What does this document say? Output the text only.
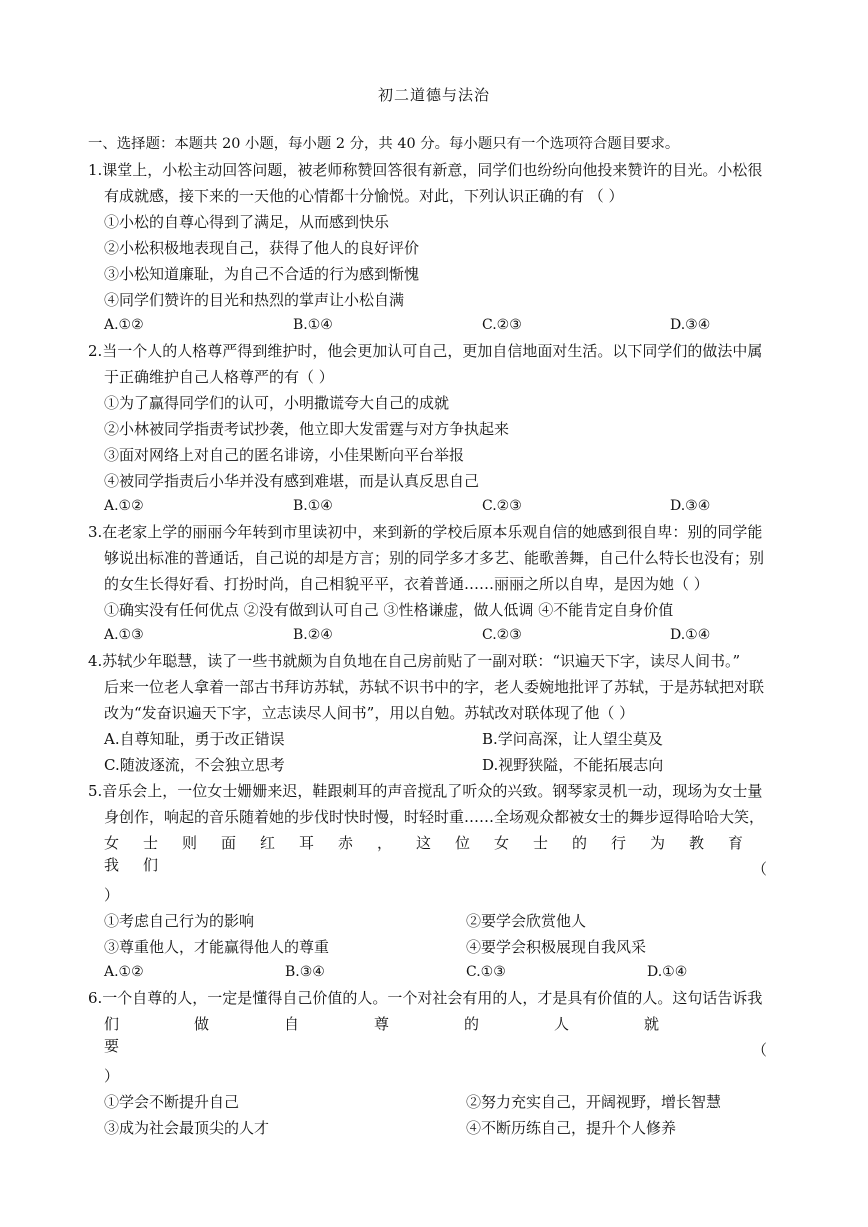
初二道德与法治
一、选择题：本题共 20 小题，每小题 2 分，共 40 分。每小题只有一个选项符合题目要求。
1.课堂上，小松主动回答问题，被老师称赞回答很有新意，同学们也纷纷向他投来赞许的目光。小松很
有成就感，接下来的一天他的心情都十分愉悦。对此，下列认识正确的有 （ ）
①小松的自尊心得到了满足，从而感到快乐
②小松积极地表现自己，获得了他人的良好评价
③小松知道廉耻，为自己不合适的行为感到惭愧
④同学们赞许的目光和热烈的掌声让小松自满
A.①②	B.①④	C.②③	D.③④
2.当一个人的人格尊严得到维护时，他会更加认可自己，更加自信地面对生活。以下同学们的做法中属
于正确维护自己人格尊严的有（ ）
①为了赢得同学们的认可，小明撒谎夸大自己的成就
②小林被同学指责考试抄袭，他立即大发雷霆与对方争执起来
③面对网络上对自己的匿名诽谤，小佳果断向平台举报
④被同学指责后小华并没有感到难堪，而是认真反思自己
A.①②	B.①④	C.②③	D.③④
3.在老家上学的丽丽今年转到市里读初中，来到新的学校后原本乐观自信的她感到很自卑：别的同学能
够说出标准的普通话，自己说的却是方言；别的同学多才多艺、能歌善舞，自己什么特长也没有；别
的女生长得好看、打扮时尚，自己相貌平平，衣着普通……丽丽之所以自卑，是因为她（ ）
①确实没有任何优点 ②没有做到认可自己 ③性格谦虚，做人低调 ④不能肯定自身价值
A.①③	B.②④	C.②③	D.①④
4.苏轼少年聪慧，读了一些书就颇为自负地在自己房前贴了一副对联：“识遍天下字，读尽人间书。”
后来一位老人拿着一部古书拜访苏轼，苏轼不识书中的字，老人委婉地批评了苏轼，于是苏轼把对联
改为“发奋识遍天下字，立志读尽人间书”，用以自勉。苏轼改对联体现了他（ ）
A.自尊知耻，勇于改正错误	B.学问高深，让人望尘莫及
C.随波逐流，不会独立思考	D.视野狭隘，不能拓展志向
5.音乐会上，一位女士姗姗来迟，鞋跟刺耳的声音搅乱了听众的兴致。钢琴家灵机一动，现场为女士量
身创作，响起的音乐随着她的步伐时快时慢，时轻时重……全场观众都被女士的舞步逗得哈哈大笑，
女士则面红耳赤，这位女士的行为教育我们	（
）
①考虑自己行为的影响	②要学会欣赏他人
③尊重他人，才能赢得他人的尊重	④要学会积极展现自我风采
A.①②	B.③④	C.①③	D.①④
6.一个自尊的人，一定是懂得自己价值的人。一个对社会有用的人，才是具有价值的人。这句话告诉我
们做自尊的人就要	（
）
①学会不断提升自己	②努力充实自己，开阔视野，增长智慧
③成为社会最顶尖的人才	④不断历练自己，提升个人修养
